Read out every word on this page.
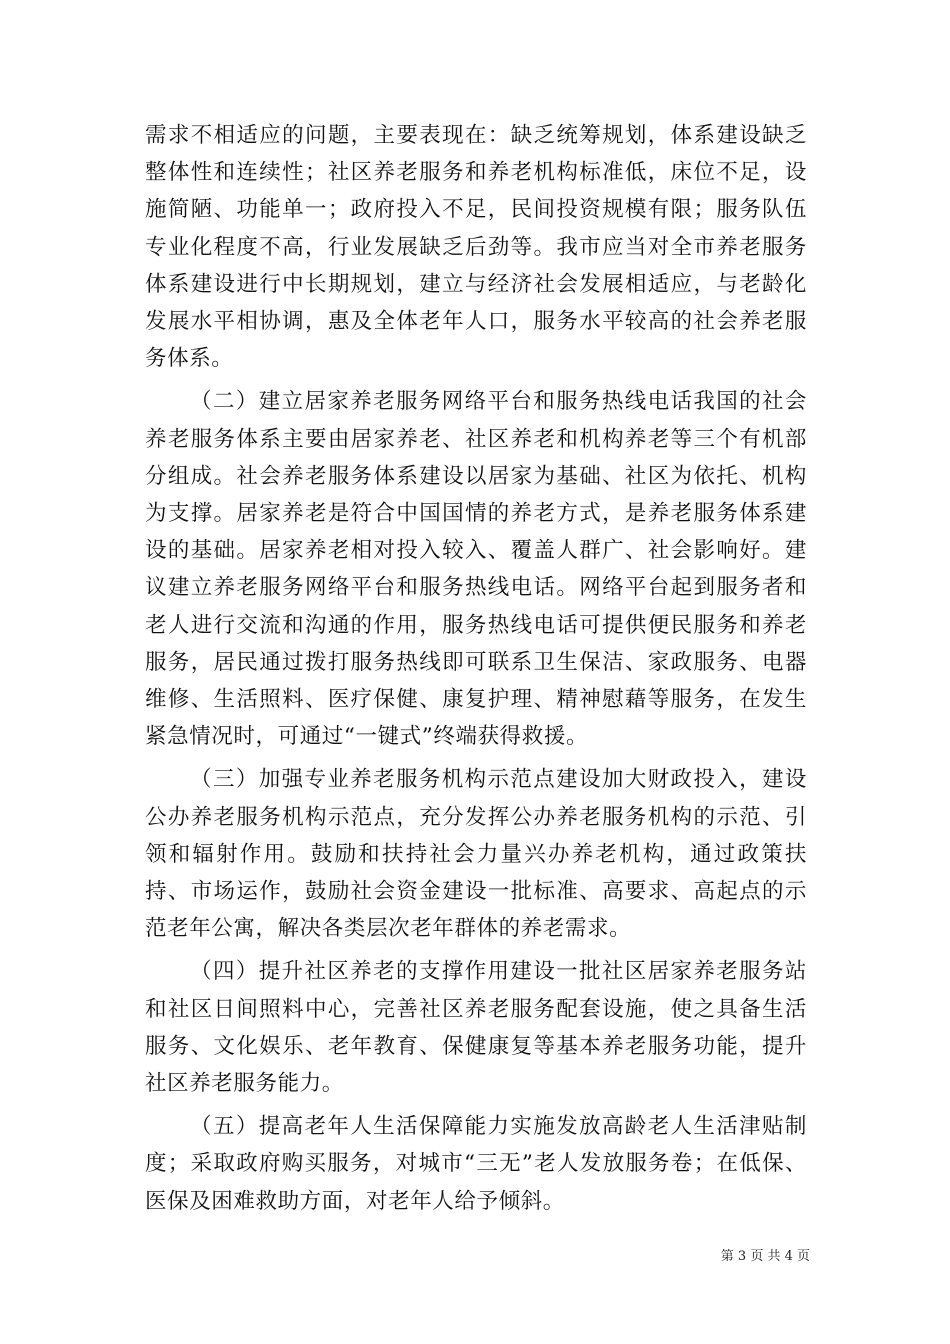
需求不相适应的问题，主要表现在：缺乏统筹规划，体系建设缺乏整体性和连续性；社区养老服务和养老机构标准低，床位不足，设施简陋、功能单一；政府投入不足，民间投资规模有限；服务队伍专业化程度不高，行业发展缺乏后劲等。我市应当对全市养老服务体系建设进行中长期规划，建立与经济社会发展相适应，与老龄化发展水平相协调，惠及全体老年人口，服务水平较高的社会养老服务体系。

（二）建立居家养老服务网络平台和服务热线电话我国的社会养老服务体系主要由居家养老、社区养老和机构养老等三个有机部分组成。社会养老服务体系建设以居家为基础、社区为依托、机构为支撑。居家养老是符合中国国情的养老方式，是养老服务体系建设的基础。居家养老相对投入较入、覆盖人群广、社会影响好。建议建立养老服务网络平台和服务热线电话。网络平台起到服务者和老人进行交流和沟通的作用，服务热线电话可提供便民服务和养老服务，居民通过拨打服务热线即可联系卫生保洁、家政服务、电器维修、生活照料、医疗保健、康复护理、精神慰藉等服务，在发生紧急情况时，可通过“一键式”终端获得救援。

（三）加强专业养老服务机构示范点建设加大财政投入，建设公办养老服务机构示范点，充分发挥公办养老服务机构的示范、引领和辐射作用。鼓励和扶持社会力量兴办养老机构，通过政策扶持、市场运作，鼓励社会资金建设一批标准、高要求、高起点的示范老年公寓，解决各类层次老年群体的养老需求。

（四）提升社区养老的支撑作用建设一批社区居家养老服务站和社区日间照料中心，完善社区养老服务配套设施，使之具备生活服务、文化娱乐、老年教育、保健康复等基本养老服务功能，提升社区养老服务能力。

（五）提高老年人生活保障能力实施发放高龄老人生活津贴制度；采取政府购买服务，对城市“三无”老人发放服务卷；在低保、医保及困难救助方面，对老年人给予倾斜。

第 3 页 共 4 页
